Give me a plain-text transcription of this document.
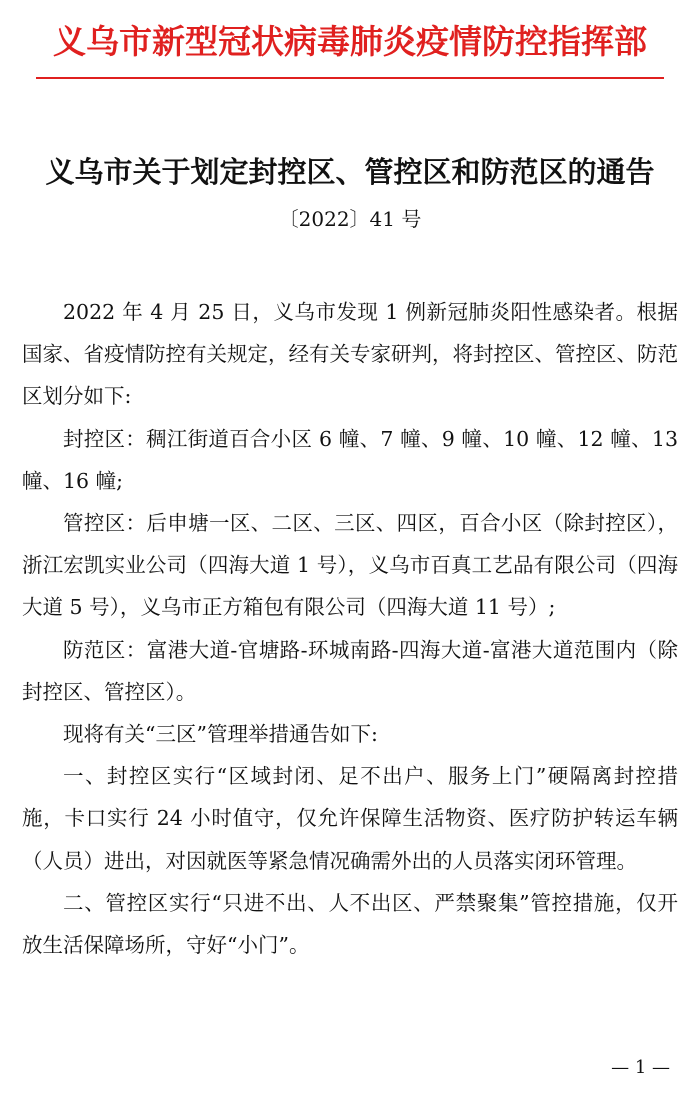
义乌市新型冠状病毒肺炎疫情防控指挥部
义乌市关于划定封控区、管控区和防范区的通告
〔2022〕41 号

2022 年 4 月 25 日，义乌市发现 1 例新冠肺炎阳性感染者。根据国家、省疫情防控有关规定，经有关专家研判，将封控区、管控区、防范区划分如下:

封控区：稠江街道百合小区 6 幢、7 幢、9 幢、10 幢、12 幢、13 幢、16 幢;

管控区：后申塘一区、二区、三区、四区，百合小区（除封控区），浙江宏凯实业公司（四海大道 1 号），义乌市百真工艺品有限公司（四海大道 5 号），义乌市正方箱包有限公司（四海大道 11 号）;

防范区：富港大道-官塘路-环城南路-四海大道-富港大道范围内（除封控区、管控区）。

现将有关“三区”管理举措通告如下:

一、封控区实行“区域封闭、足不出户、服务上门”硬隔离封控措施，卡口实行 24 小时值守，仅允许保障生活物资、医疗防护转运车辆（人员）进出，对因就医等紧急情况确需外出的人员落实闭环管理。

二、管控区实行“只进不出、人不出区、严禁聚集”管控措施，仅开放生活保障场所，守好“小门”。

— 1 —
